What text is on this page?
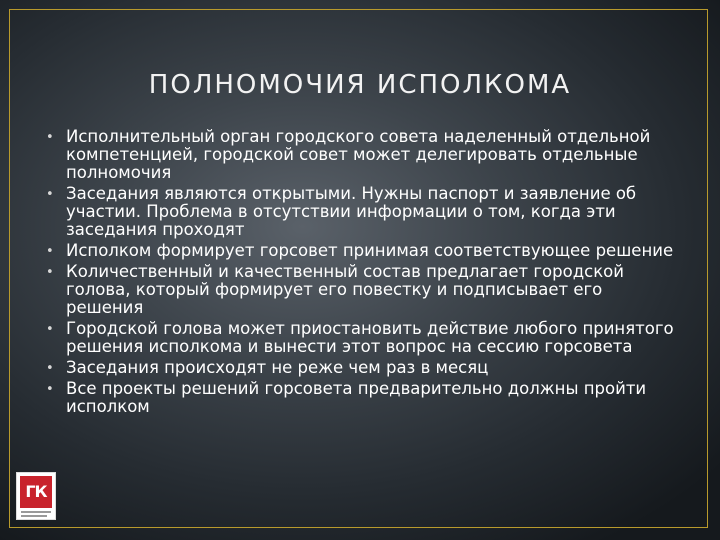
ПОЛНОМОЧИЯ ИСПОЛКОМА
• Исполнительный орган городского совета наделенный отдельной компетенцией, городской совет может делегировать отдельные полномочия
• Заседания являются открытыми. Нужны паспорт и заявление об участии. Проблема в отсутствии информации о том, когда эти заседания проходят
• Исполком формирует горсовет принимая соответствующее решение
• Количественный и качественный состав предлагает городской голова, который формирует его повестку и подписывает его решения
• Городской голова может приостановить действие любого принятого решения исполкома и вынести этот вопрос на сессию горсовета
• Заседания происходят не реже чем раз в месяц
• Все проекты решений горсовета предварительно должны пройти исполком
ГК
